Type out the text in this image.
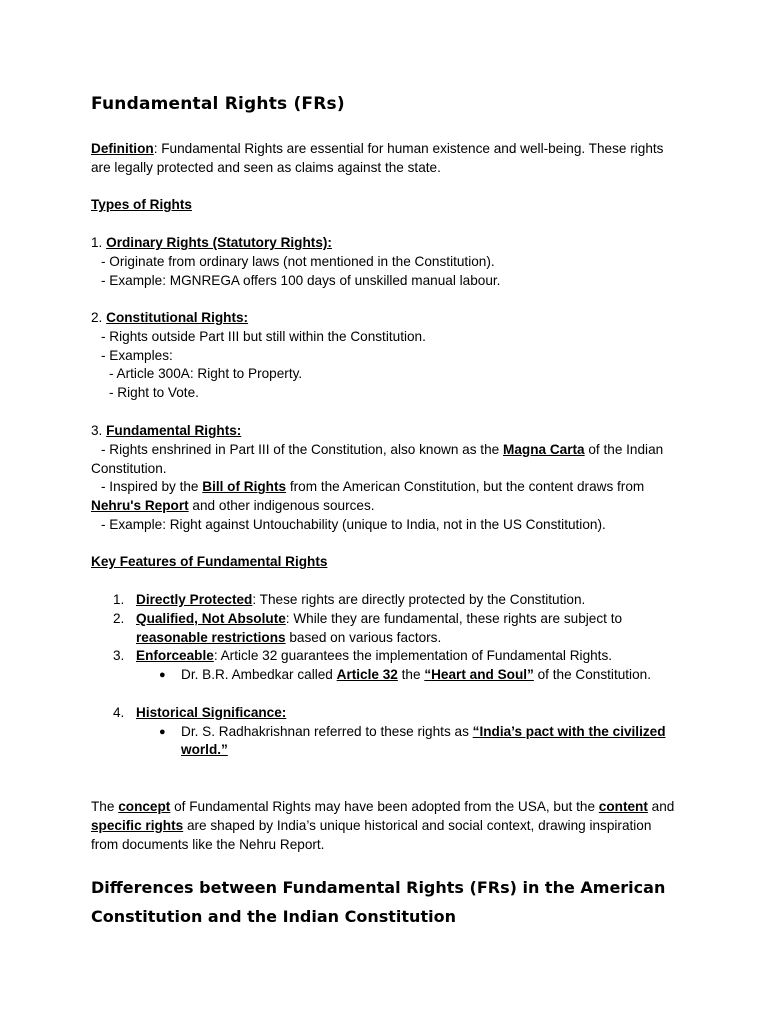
Fundamental Rights (FRs)
Definition: Fundamental Rights are essential for human existence and well-being. These rights are legally protected and seen as claims against the state.
Types of Rights
1. Ordinary Rights (Statutory Rights):
- Originate from ordinary laws (not mentioned in the Constitution).
- Example: MGNREGA offers 100 days of unskilled manual labour.
2. Constitutional Rights:
- Rights outside Part III but still within the Constitution.
- Examples:
- Article 300A: Right to Property.
- Right to Vote.
3. Fundamental Rights:
- Rights enshrined in Part III of the Constitution, also known as the Magna Carta of the Indian Constitution.
- Inspired by the Bill of Rights from the American Constitution, but the content draws from Nehru's Report and other indigenous sources.
- Example: Right against Untouchability (unique to India, not in the US Constitution).
Key Features of Fundamental Rights
1. Directly Protected: These rights are directly protected by the Constitution.
2. Qualified, Not Absolute: While they are fundamental, these rights are subject to reasonable restrictions based on various factors.
3. Enforceable: Article 32 guarantees the implementation of Fundamental Rights.
● Dr. B.R. Ambedkar called Article 32 the “Heart and Soul” of the Constitution.
4. Historical Significance:
● Dr. S. Radhakrishnan referred to these rights as “India’s pact with the civilized world.”
The concept of Fundamental Rights may have been adopted from the USA, but the content and specific rights are shaped by India’s unique historical and social context, drawing inspiration from documents like the Nehru Report.
Differences between Fundamental Rights (FRs) in the American Constitution and the Indian Constitution
